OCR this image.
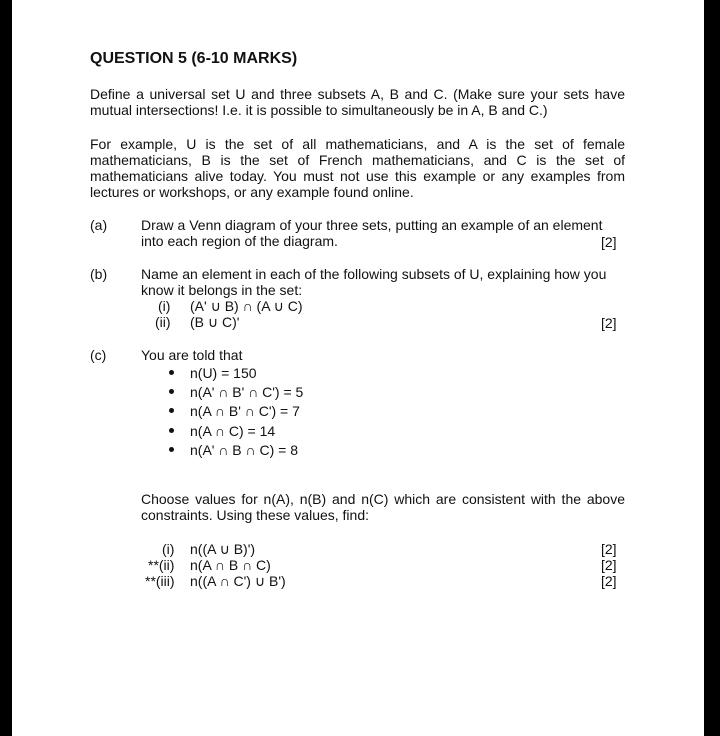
QUESTION 5 (6-10 MARKS)
Define a universal set U and three subsets A, B and C. (Make sure your sets have
mutual intersections! I.e. it is possible to simultaneously be in A, B and C.)
For example, U is the set of all mathematicians, and A is the set of female
mathematicians, B is the set of French mathematicians, and C is the set of
mathematicians alive today. You must not use this example or any examples from
lectures or workshops, or any example found online.
(a) Draw a Venn diagram of your three sets, putting an example of an element
into each region of the diagram.	[2]
(b) Name an element in each of the following subsets of U, explaining how you
know it belongs in the set:
(i) (A' ∪ B) ∩ (A ∪ C)
(ii) (B ∪ C)'	[2]
(c) You are told that
n(U) = 150
n(A' ∩ B' ∩ C') = 5
n(A ∩ B' ∩ C') = 7
n(A ∩ C) = 14
n(A' ∩ B ∩ C) = 8
Choose values for n(A), n(B) and n(C) which are consistent with the above
constraints. Using these values, find:
(i) n((A ∪ B)')	[2]
**(ii) n(A ∩ B ∩ C)	[2]
**(iii) n((A ∩ C') ∪ B')	[2]
